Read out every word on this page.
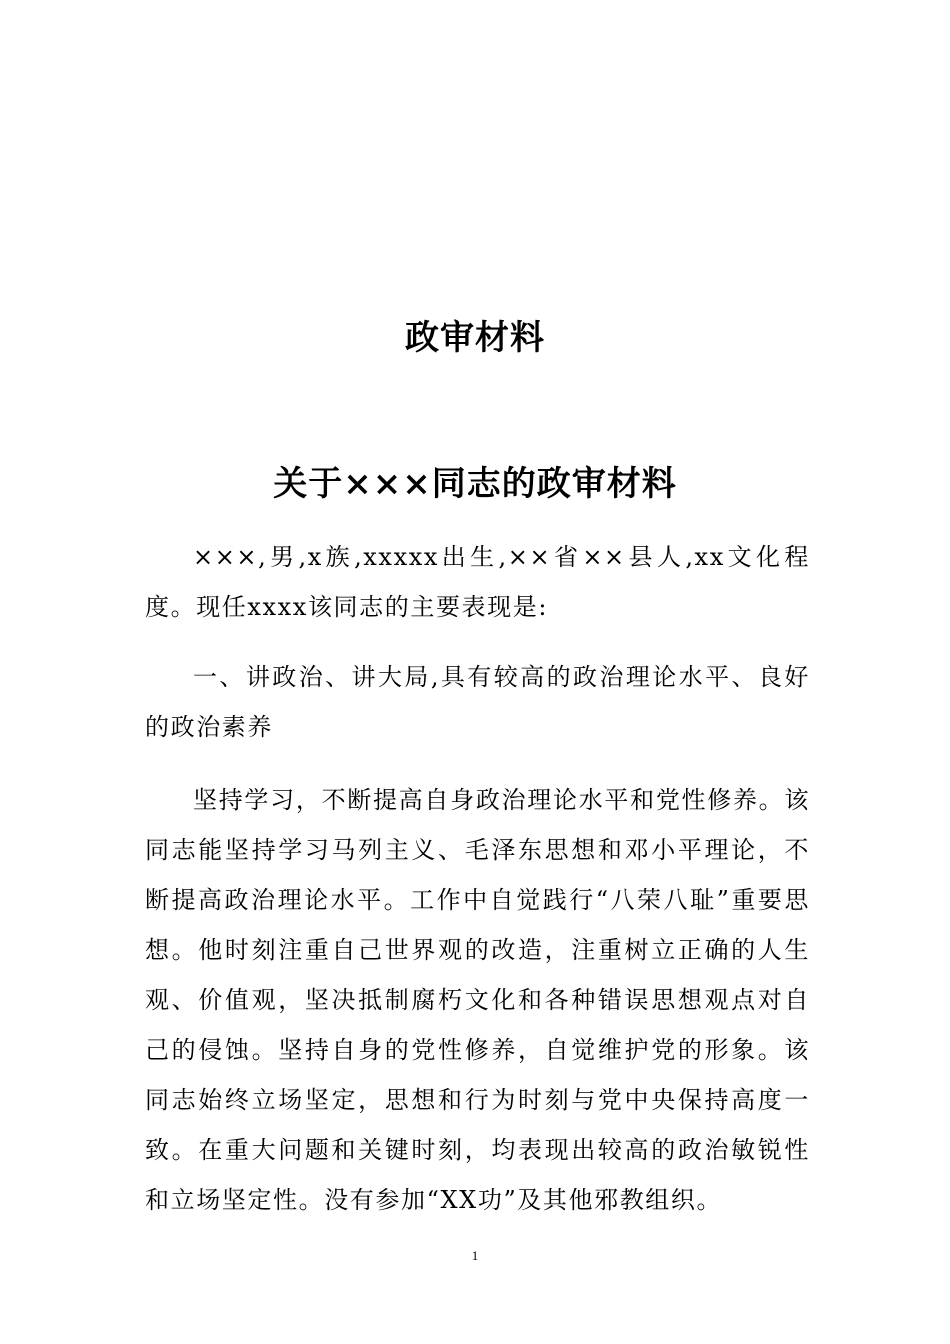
政审材料
关于×××同志的政审材料

×××,男,x族,xxxxx出生,××省××县人,xx文化程度。现任xxxx该同志的主要表现是:

一、讲政治、讲大局,具有较高的政治理论水平、良好的政治素养

坚持学习，不断提高自身政治理论水平和党性修养。该同志能坚持学习马列主义、毛泽东思想和邓小平理论，不断提高政治理论水平。工作中自觉践行“八荣八耻”重要思想。他时刻注重自己世界观的改造，注重树立正确的人生观、价值观，坚决抵制腐朽文化和各种错误思想观点对自己的侵蚀。坚持自身的党性修养，自觉维护党的形象。该同志始终立场坚定，思想和行为时刻与党中央保持高度一致。在重大问题和关键时刻，均表现出较高的政治敏锐性和立场坚定性。没有参加“XX功”及其他邪教组织。

1
